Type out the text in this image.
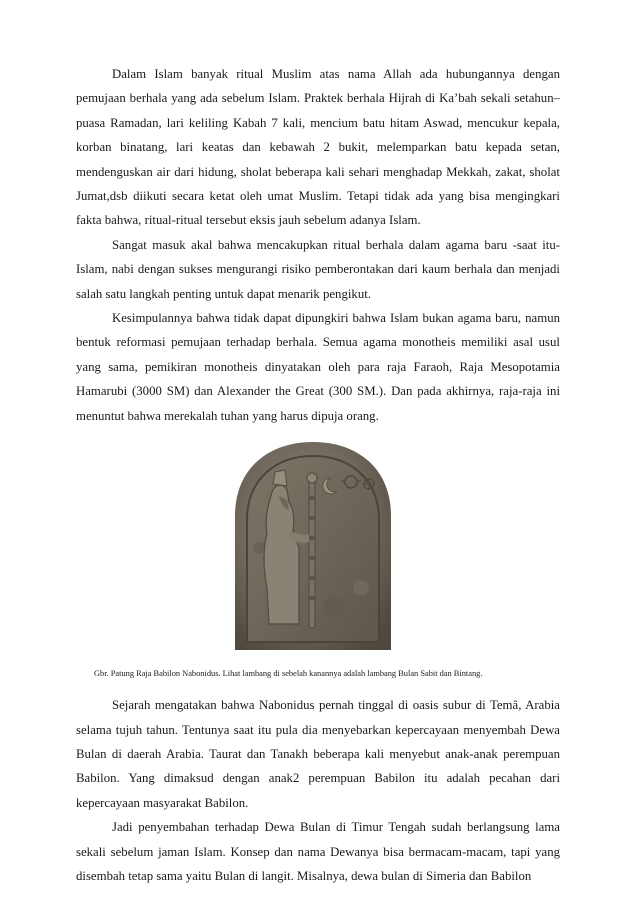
Dalam Islam banyak ritual Muslim atas nama Allah ada hubungannya dengan pemujaan berhala yang ada sebelum Islam. Praktek berhala Hijrah di Ka’bah sekali setahun– puasa Ramadan, lari keliling Kabah 7 kali, mencium batu hitam Aswad, mencukur kepala, korban binatang, lari keatas dan kebawah 2 bukit, melemparkan batu kepada setan, mendenguskan air dari hidung, sholat beberapa kali sehari menghadap Mekkah, zakat, sholat Jumat,dsb diikuti secara ketat oleh umat Muslim. Tetapi tidak ada yang bisa mengingkari fakta bahwa, ritual-ritual tersebut eksis jauh sebelum adanya Islam.

Sangat masuk akal bahwa mencakupkan ritual berhala dalam agama baru -saat itu- Islam, nabi dengan sukses mengurangi risiko pemberontakan dari kaum berhala dan menjadi salah satu langkah penting untuk dapat menarik pengikut.

Kesimpulannya bahwa tidak dapat dipungkiri bahwa Islam bukan agama baru, namun bentuk reformasi pemujaan terhadap berhala. Semua agama monotheis memiliki asal usul yang sama, pemikiran monotheis dinyatakan oleh para raja Faraoh, Raja Mesopotamia Hamarubi (3000 SM) dan Alexander the Great (300 SM.). Dan pada akhirnya, raja-raja ini menuntut bahwa merekalah tuhan yang harus dipuja orang.

Gbr. Patung Raja Babilon Nabonidus. Lihat lambang di sebelah kanannya adalah lambang Bulan Sabit dan Bintang.

Sejarah mengatakan bahwa Nabonidus pernah tinggal di oasis subur di Temâ, Arabia selama tujuh tahun. Tentunya saat itu pula dia menyebarkan kepercayaan menyembah Dewa Bulan di daerah Arabia. Taurat dan Tanakh beberapa kali menyebut anak-anak perempuan Babilon. Yang dimaksud dengan anak2 perempuan Babilon itu adalah pecahan dari kepercayaan masyarakat Babilon.

Jadi penyembahan terhadap Dewa Bulan di Timur Tengah sudah berlangsung lama sekali sebelum jaman Islam. Konsep dan nama Dewanya bisa bermacam-macam, tapi yang disembah tetap sama yaitu Bulan di langit. Misalnya, dewa bulan di Simeria dan Babilon
